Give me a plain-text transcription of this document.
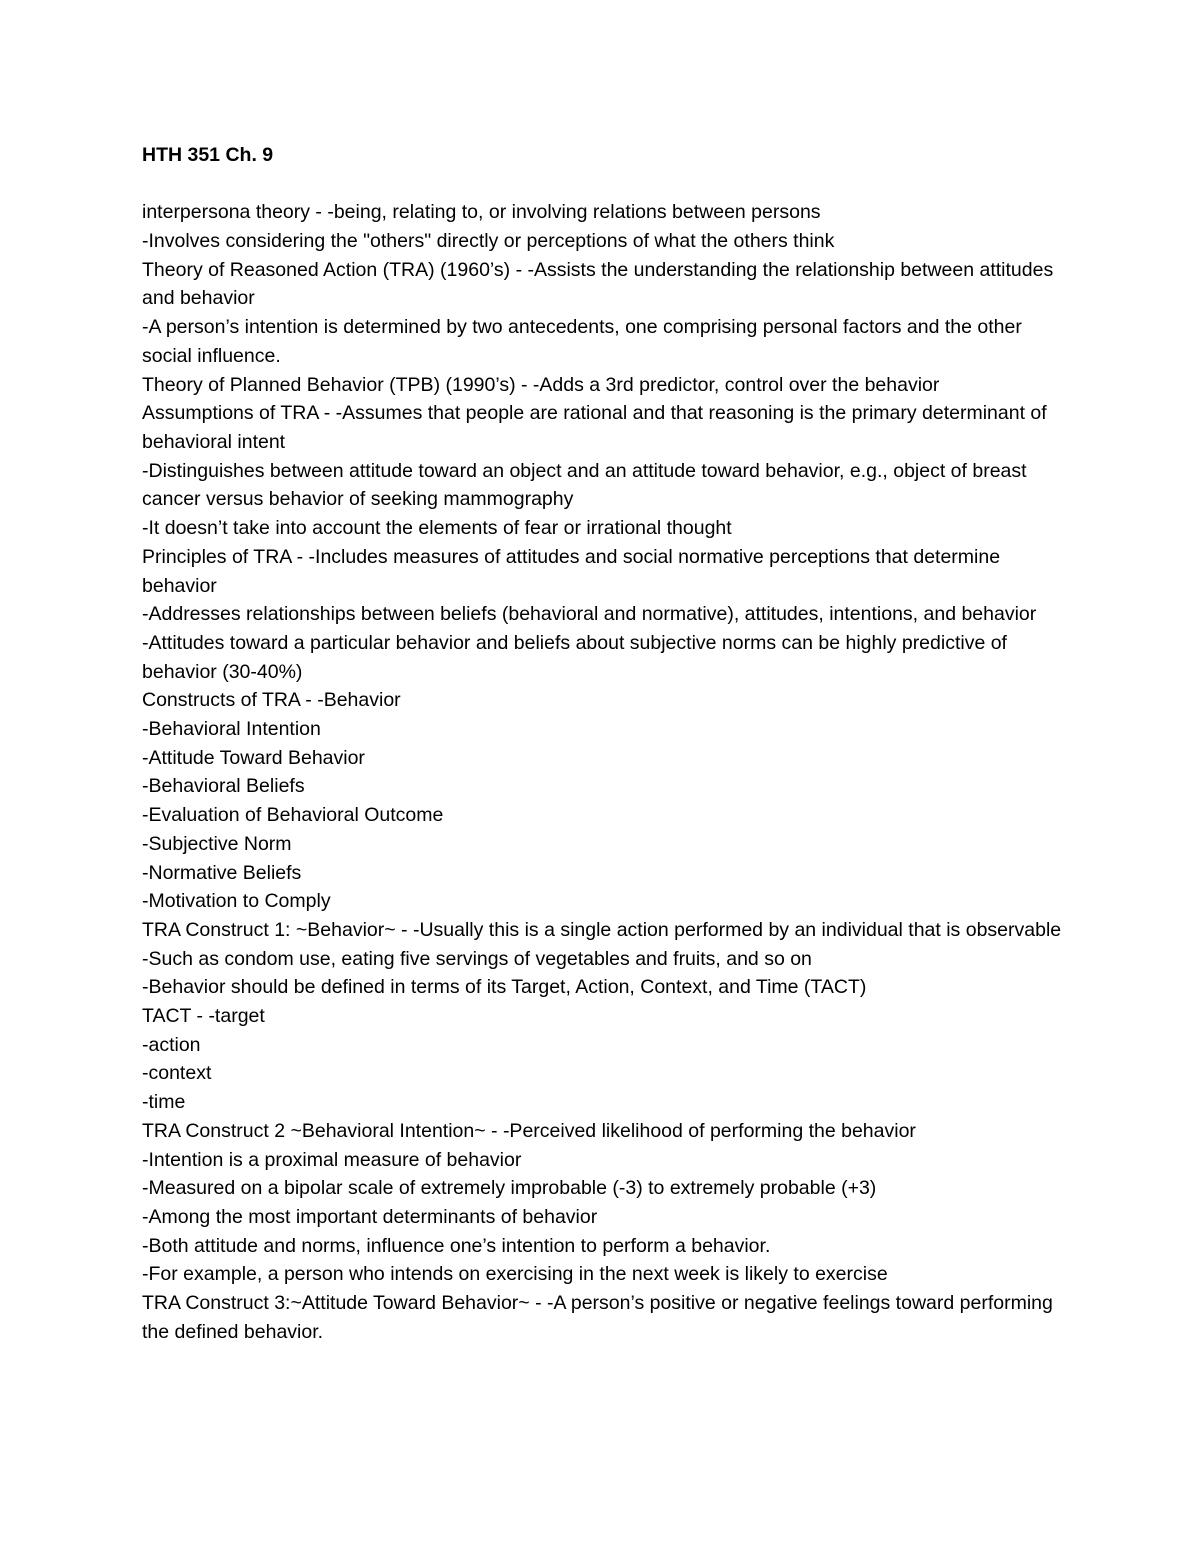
HTH 351 Ch. 9

interpersona theory - -being, relating to, or involving relations between persons

-Involves considering the "others" directly or perceptions of what the others think

Theory of Reasoned Action (TRA) (1960’s) - -Assists the understanding the relationship between attitudes and behavior

-A person’s intention is determined by two antecedents, one comprising personal factors and the other social influence.

Theory of Planned Behavior (TPB) (1990’s) - -Adds a 3rd predictor, control over the behavior

Assumptions of TRA - -Assumes that people are rational and that reasoning is the primary determinant of behavioral intent

-Distinguishes between attitude toward an object and an attitude toward behavior, e.g., object of breast cancer versus behavior of seeking mammography

-It doesn’t take into account the elements of fear or irrational thought

Principles of TRA - -Includes measures of attitudes and social normative perceptions that determine behavior

-Addresses relationships between beliefs (behavioral and normative), attitudes, intentions, and behavior

-Attitudes toward a particular behavior and beliefs about subjective norms can be highly predictive of behavior (30-40%)

Constructs of TRA - -Behavior

-Behavioral Intention

-Attitude Toward Behavior

-Behavioral Beliefs

-Evaluation of Behavioral Outcome

-Subjective Norm

-Normative Beliefs

-Motivation to Comply

TRA Construct 1: ~Behavior~ - -Usually this is a single action performed by an individual that is observable

-Such as condom use, eating five servings of vegetables and fruits, and so on

-Behavior should be defined in terms of its Target, Action, Context, and Time (TACT)

TACT - -target

-action

-context

-time

TRA Construct 2 ~Behavioral Intention~ - -Perceived likelihood of performing the behavior

-Intention is a proximal measure of behavior

-Measured on a bipolar scale of extremely improbable (-3) to extremely probable (+3)

-Among the most important determinants of behavior

-Both attitude and norms, influence one’s intention to perform a behavior.

-For example, a person who intends on exercising in the next week is likely to exercise

TRA Construct 3:~Attitude Toward Behavior~ - -A person’s positive or negative feelings toward performing the defined behavior.
